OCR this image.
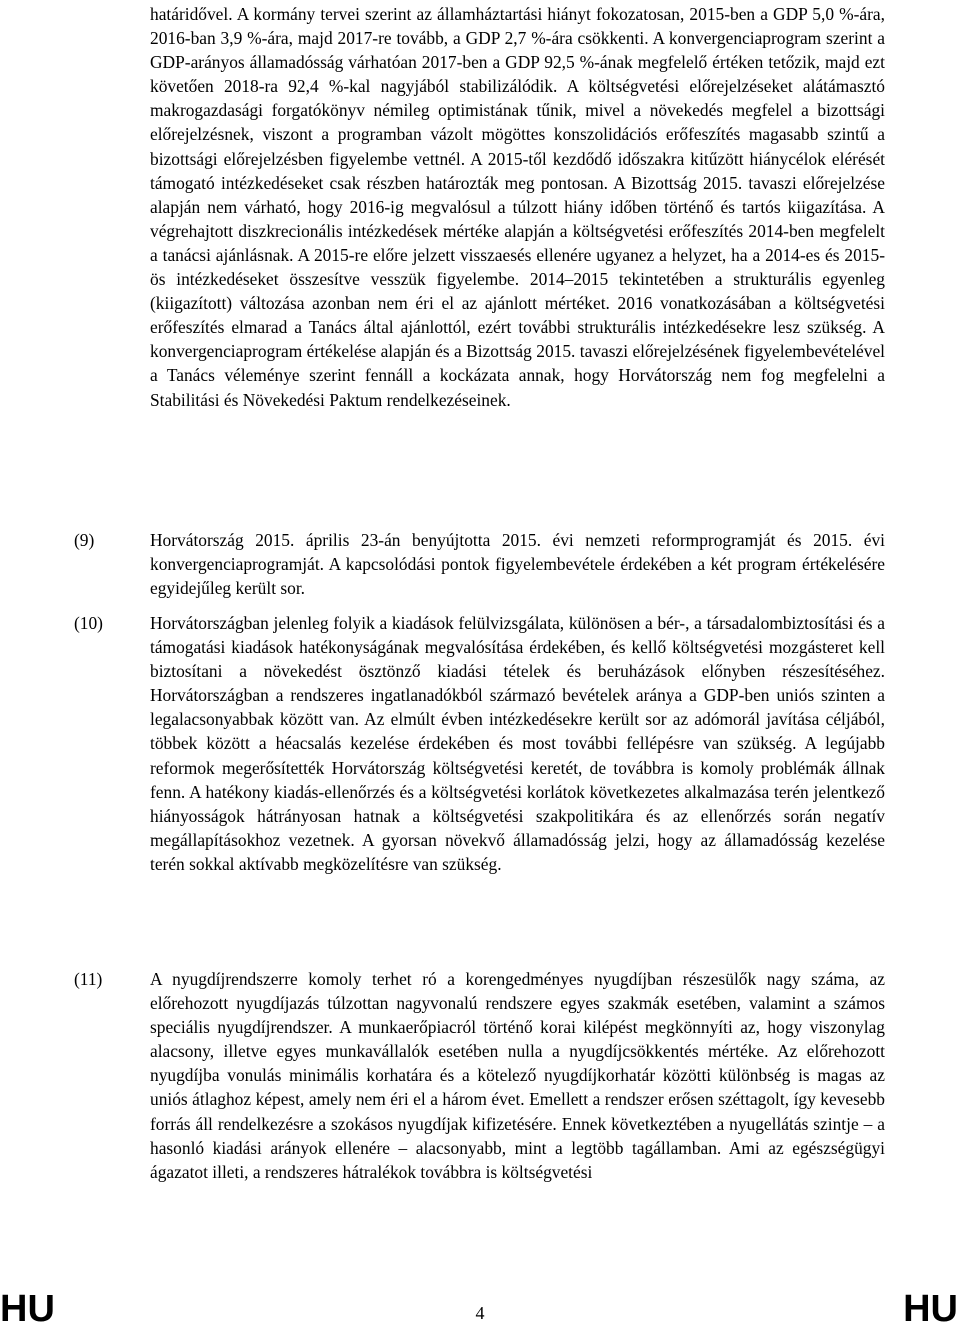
határidővel. A kormány tervei szerint az államháztartási hiányt fokozatosan, 2015-ben a GDP 5,0 %-ára, 2016-ban 3,9 %-ára, majd 2017-re tovább, a GDP 2,7 %-ára csökkenti. A konvergenciaprogram szerint a GDP-arányos államadósság várhatóan 2017-ben a GDP 92,5 %-ának megfelelő értéken tetőzik, majd ezt követően 2018-ra 92,4 %-kal nagyjából stabilizálódik. A költségvetési előrejelzéseket alátámasztó makrogazdasági forgatókönyv némileg optimistának tűnik, mivel a növekedés megfelel a bizottsági előrejelzésnek, viszont a programban vázolt mögöttes konszolidációs erőfeszítés magasabb szintű a bizottsági előrejelzésben figyelembe vettnél. A 2015-től kezdődő időszakra kitűzött hiánycélok elérését támogató intézkedéseket csak részben határozták meg pontosan. A Bizottság 2015. tavaszi előrejelzése alapján nem várható, hogy 2016-ig megvalósul a túlzott hiány időben történő és tartós kiigazítása. A végrehajtott diszkrecionális intézkedések mértéke alapján a költségvetési erőfeszítés 2014-ben megfelelt a tanácsi ajánlásnak. A 2015-re előre jelzett visszaesés ellenére ugyanez a helyzet, ha a 2014-es és 2015-ös intézkedéseket összesítve vesszük figyelembe. 2014–2015 tekintetében a strukturális egyenleg (kiigazított) változása azonban nem éri el az ajánlott mértéket. 2016 vonatkozásában a költségvetési erőfeszítés elmarad a Tanács által ajánlottól, ezért további strukturális intézkedésekre lesz szükség. A konvergenciaprogram értékelése alapján és a Bizottság 2015. tavaszi előrejelzésének figyelembevételével a Tanács véleménye szerint fennáll a kockázata annak, hogy Horvátország nem fog megfelelni a Stabilitási és Növekedési Paktum rendelkezéseinek.

(9)	Horvátország 2015. április 23-án benyújtotta 2015. évi nemzeti reformprogramját és 2015. évi konvergenciaprogramját. A kapcsolódási pontok figyelembevétele érdekében a két program értékelésére egyidejűleg került sor.

(10)	Horvátországban jelenleg folyik a kiadások felülvizsgálata, különösen a bér-, a társadalombiztosítási és a támogatási kiadások hatékonyságának megvalósítása érdekében, és kellő költségvetési mozgásteret kell biztosítani a növekedést ösztönző kiadási tételek és beruházások előnyben részesítéséhez. Horvátországban a rendszeres ingatlanadókból származó bevételek aránya a GDP-ben uniós szinten a legalacsonyabbak között van. Az elmúlt évben intézkedésekre került sor az adómorál javítása céljából, többek között a héacsalás kezelése érdekében és most további fellépésre van szükség. A legújabb reformok megerősítették Horvátország költségvetési keretét, de továbbra is komoly problémák állnak fenn. A hatékony kiadás-ellenőrzés és a költségvetési korlátok következetes alkalmazása terén jelentkező hiányosságok hátrányosan hatnak a költségvetési szakpolitikára és az ellenőrzés során negatív megállapításokhoz vezetnek. A gyorsan növekvő államadósság jelzi, hogy az államadósság kezelése terén sokkal aktívabb megközelítésre van szükség.

(11)	A nyugdíjrendszerre komoly terhet ró a korengedményes nyugdíjban részesülők nagy száma, az előrehozott nyugdíjazás túlzottan nagyvonalú rendszere egyes szakmák esetében, valamint a számos speciális nyugdíjrendszer. A munkaerőpiacról történő korai kilépést megkönnyíti az, hogy viszonylag alacsony, illetve egyes munkavállalók esetében nulla a nyugdíjcsökkentés mértéke. Az előrehozott nyugdíjba vonulás minimális korhatára és a kötelező nyugdíjkorhatár közötti különbség is magas az uniós átlaghoz képest, amely nem éri el a három évet. Emellett a rendszer erősen széttagolt, így kevesebb forrás áll rendelkezésre a szokásos nyugdíjak kifizetésére. Ennek következtében a nyugellátás szintje – a hasonló kiadási arányok ellenére – alacsonyabb, mint a legtöbb tagállamban. Ami az egészségügyi ágazatot illeti, a rendszeres hátralékok továbbra is költségvetési

HU	4	HU
